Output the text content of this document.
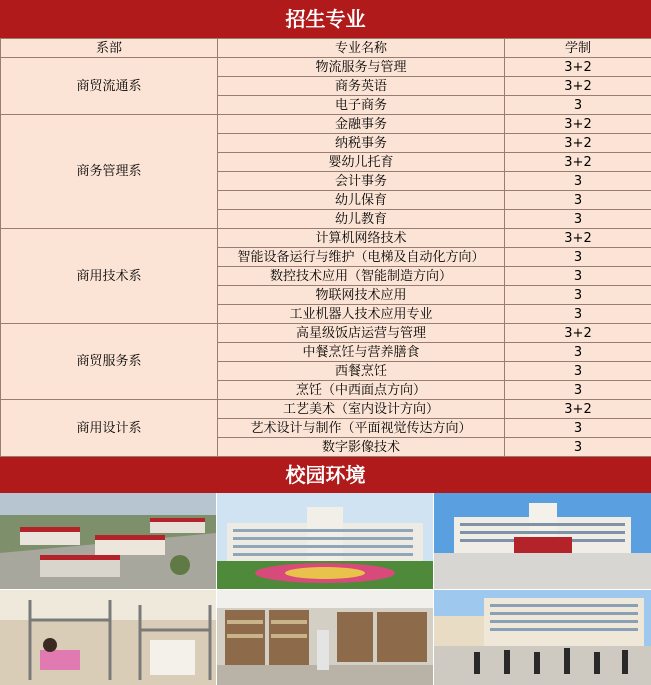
招生专业
系部	专业名称	学制
商贸流通系	物流服务与管理	3+2
	商务英语	3+2
	电子商务	3
商务管理系	金融事务	3+2
	纳税事务	3+2
	婴幼儿托育	3+2
	会计事务	3
	幼儿保育	3
	幼儿教育	3
商用技术系	计算机网络技术	3+2
	智能设备运行与维护（电梯及自动化方向）	3
	数控技术应用（智能制造方向）	3
	物联网技术应用	3
	工业机器人技术应用专业	3
商贸服务系	高星级饭店运营与管理	3+2
	中餐烹饪与营养膳食	3
	西餐烹饪	3
	烹饪（中西面点方向）	3
商用设计系	工艺美术（室内设计方向）	3+2
	艺术设计与制作（平面视觉传达方向）	3
	数字影像技术	3
校园环境
